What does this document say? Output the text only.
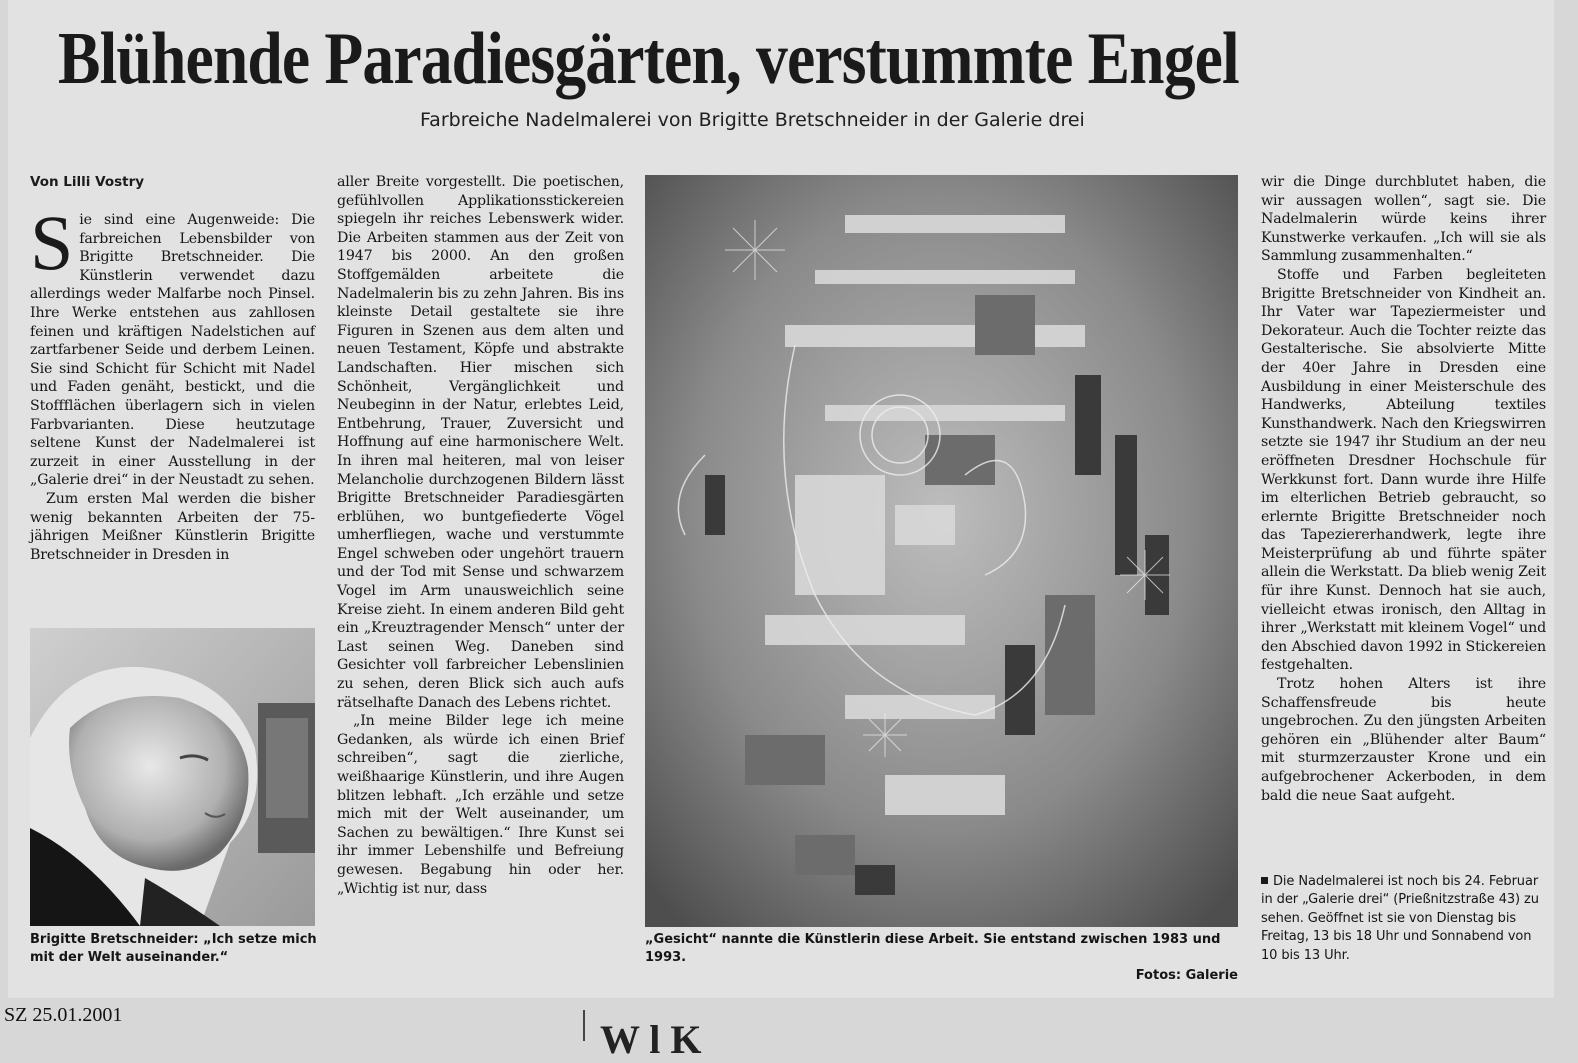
Blühende Paradiesgärten, verstummte Engel
Farbreiche Nadelmalerei von Brigitte Bretschneider in der Galerie drei

Von Lilli Vostry

Sie sind eine Augenweide: Die farbreichen Lebensbilder von Brigitte Bretschneider. Die Künstlerin verwendet dazu allerdings weder Malfarbe noch Pinsel. Ihre Werke entstehen aus zahllosen feinen und kräftigen Nadelstichen auf zartfarbener Seide und derbem Leinen. Sie sind Schicht für Schicht mit Nadel und Faden genäht, bestickt, und die Stoffflächen überlagern sich in vielen Farbvarianten. Diese heutzutage seltene Kunst der Nadelmalerei ist zurzeit in einer Ausstellung in der „Galerie drei“ in der Neustadt zu sehen.

Zum ersten Mal werden die bisher wenig bekannten Arbeiten der 75-jährigen Meißner Künstlerin Brigitte Bretschneider in Dresden in

Brigitte Bretschneider: „Ich setze mich mit der Welt auseinander.“

aller Breite vorgestellt. Die poetischen, gefühlvollen Applikationsstickereien spiegeln ihr reiches Lebenswerk wider. Die Arbeiten stammen aus der Zeit von 1947 bis 2000. An den großen Stoffgemälden arbeitete die Nadelmalerin bis zu zehn Jahren. Bis ins kleinste Detail gestaltete sie ihre Figuren in Szenen aus dem alten und neuen Testament, Köpfe und abstrakte Landschaften. Hier mischen sich Schönheit, Vergänglichkeit und Neubeginn in der Natur, erlebtes Leid, Entbehrung, Trauer, Zuversicht und Hoffnung auf eine harmonischere Welt. In ihren mal heiteren, mal von leiser Melancholie durchzogenen Bildern lässt Brigitte Bretschneider Paradiesgärten erblühen, wo buntgefiederte Vögel umherfliegen, wache und verstummte Engel schweben oder ungehört trauern und der Tod mit Sense und schwarzem Vogel im Arm unausweichlich seine Kreise zieht. In einem anderen Bild geht ein „Kreuztragender Mensch“ unter der Last seinen Weg. Daneben sind Gesichter voll farbreicher Lebenslinien zu sehen, deren Blick sich auch aufs rätselhafte Danach des Lebens richtet.

„In meine Bilder lege ich meine Gedanken, als würde ich einen Brief schreiben“, sagt die zierliche, weißhaarige Künstlerin, und ihre Augen blitzen lebhaft. „Ich erzähle und setze mich mit der Welt auseinander, um Sachen zu bewältigen.“ Ihre Kunst sei ihr immer Lebenshilfe und Befreiung gewesen. Begabung hin oder her. „Wichtig ist nur, dass

„Gesicht“ nannte die Künstlerin diese Arbeit. Sie entstand zwischen 1983 und 1993.
Fotos: Galerie

wir die Dinge durchblutet haben, die wir aussagen wollen“, sagt sie. Die Nadelmalerin würde keins ihrer Kunstwerke verkaufen. „Ich will sie als Sammlung zusammenhalten.“

Stoffe und Farben begleiteten Brigitte Bretschneider von Kindheit an. Ihr Vater war Tapeziermeister und Dekorateur. Auch die Tochter reizte das Gestalterische. Sie absolvierte Mitte der 40er Jahre in Dresden eine Ausbildung in einer Meisterschule des Handwerks, Abteilung textiles Kunsthandwerk. Nach den Kriegswirren setzte sie 1947 ihr Studium an der neu eröffneten Dresdner Hochschule für Werkkunst fort. Dann wurde ihre Hilfe im elterlichen Betrieb gebraucht, so erlernte Brigitte Bretschneider noch das Tapeziererhandwerk, legte ihre Meisterprüfung ab und führte später allein die Werkstatt. Da blieb wenig Zeit für ihre Kunst. Dennoch hat sie auch, vielleicht etwas ironisch, den Alltag in ihrer „Werkstatt mit kleinem Vogel“ und den Abschied davon 1992 in Stickereien festgehalten.

Trotz hohen Alters ist ihre Schaffensfreude bis heute ungebrochen. Zu den jüngsten Arbeiten gehören ein „Blühender alter Baum“ mit sturmzerzauster Krone und ein aufgebrochener Ackerboden, in dem bald die neue Saat aufgeht.

Die Nadelmalerei ist noch bis 24. Februar in der „Galerie drei“ (Prießnitzstraße 43) zu sehen. Geöffnet ist sie von Dienstag bis Freitag, 13 bis 18 Uhr und Sonnabend von 10 bis 13 Uhr.

SZ 25.01.2001

W l K
